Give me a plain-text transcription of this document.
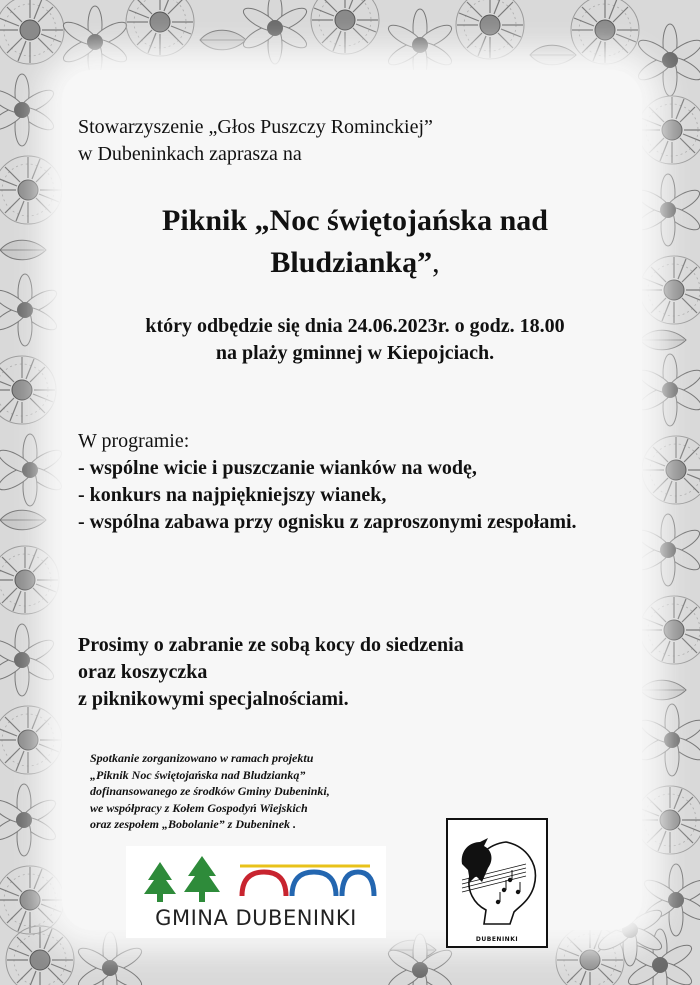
Stowarzyszenie „Głos Puszczy Rominckiej”
w Dubeninkach zaprasza na
Piknik „Noc świętojańska nad
Bludzianką”,
który odbędzie się dnia 24.06.2023r. o godz. 18.00
na plaży gminnej w Kiepojciach.
W programie:
- wspólne wicie i puszczanie wianków na wodę,
- konkurs na najpiękniejszy wianek,
- wspólna zabawa przy ognisku z zaproszonymi zespołami.
Prosimy o zabranie ze sobą kocy do siedzenia
oraz koszyczka
z piknikowymi specjalnościami.
Spotkanie zorganizowano w ramach projektu
„Piknik Noc świętojańska nad Bludzianką”
dofinansowanego ze środków Gminy Dubeninki,
we współpracy z Kołem Gospodyń Wiejskich
oraz zespołem „Bobolanie” z Dubeninek .
GMINA DUBENINKI
DUBENINKI
